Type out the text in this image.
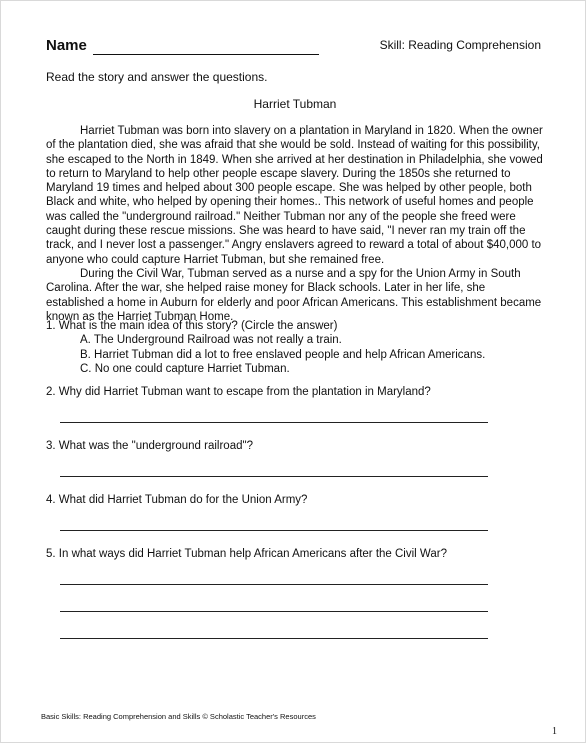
Name	Skill: Reading Comprehension
Read the story and answer the questions.
Harriet Tubman

Harriet Tubman was born into slavery on a plantation in Maryland in 1820. When the owner of the plantation died, she was afraid that she would be sold. Instead of waiting for this possibility, she escaped to the North in 1849. When she arrived at her destination in Philadelphia, she vowed to return to Maryland to help other people escape slavery. During the 1850s she returned to Maryland 19 times and helped about 300 people escape. She was helped by other people, both Black and white, who helped by opening their homes.. This network of useful homes and people was called the "underground railroad." Neither Tubman nor any of the people she freed were caught during these rescue missions. She was heard to have said, "I never ran my train off the track, and I never lost a passenger." Angry enslavers agreed to reward a total of about $40,000 to anyone who could capture Harriet Tubman, but she remained free.

During the Civil War, Tubman served as a nurse and a spy for the Union Army in South Carolina. After the war, she helped raise money for Black schools. Later in her life, she established a home in Auburn for elderly and poor African Americans. This establishment became known as the Harriet Tubman Home.

1. What is the main idea of this story? (Circle the answer)
A. The Underground Railroad was not really a train.
B. Harriet Tubman did a lot to free enslaved people and help African Americans.
C. No one could capture Harriet Tubman.
2. Why did Harriet Tubman want to escape from the plantation in Maryland?
3. What was the "underground railroad"?
4. What did Harriet Tubman do for the Union Army?
5. In what ways did Harriet Tubman help African Americans after the Civil War?
Basic Skills: Reading Comprehension and Skills © Scholastic Teacher's Resources
1
